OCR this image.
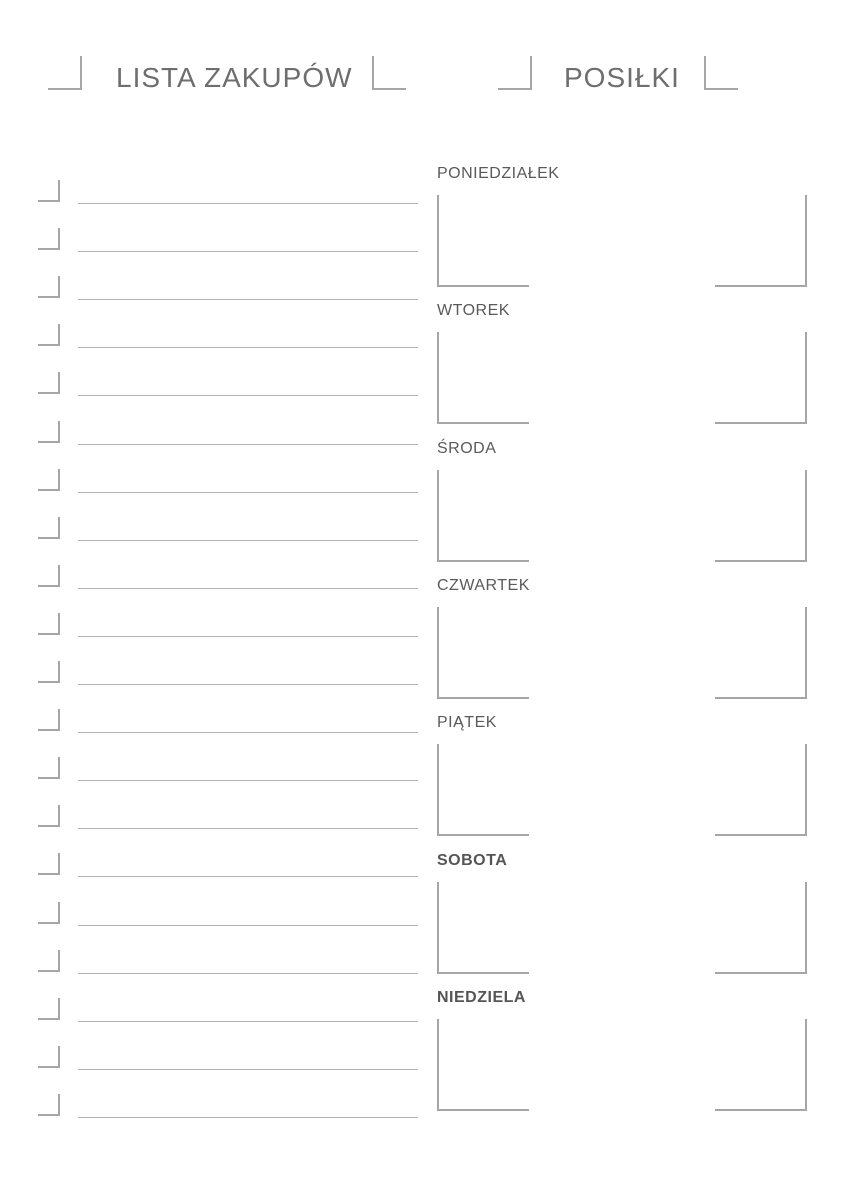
LISTA ZAKUPÓW	POSIŁKI
PONIEDZIAŁEK
WTOREK
ŚRODA
CZWARTEK
PIĄTEK
SOBOTA
NIEDZIELA
